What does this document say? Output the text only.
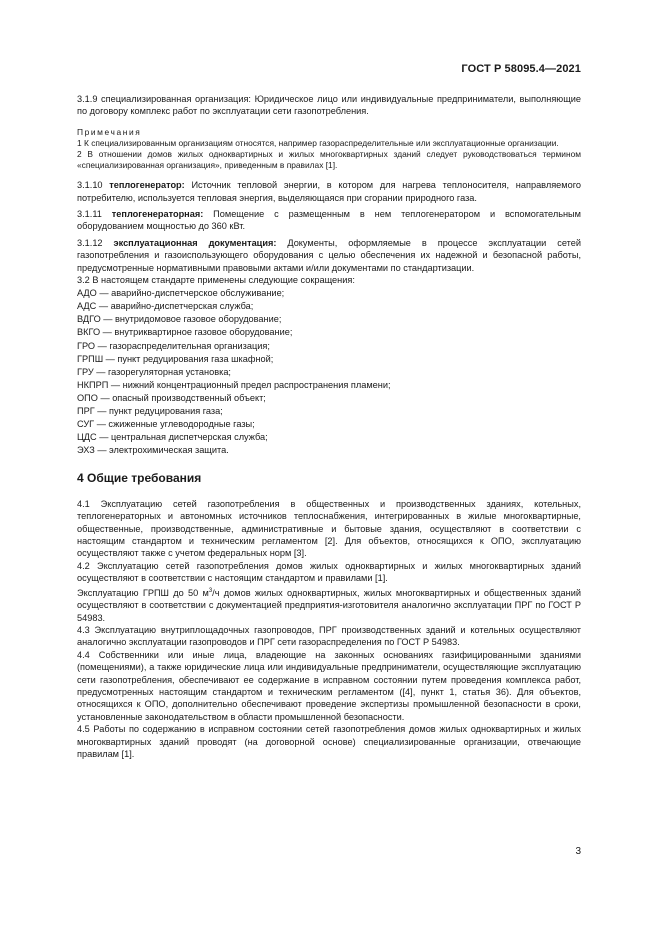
ГОСТ Р 58095.4—2021

3.1.9 специализированная организация: Юридическое лицо или индивидуальные предприниматели, выполняющие по договору комплекс работ по эксплуатации сети газопотребления.

Примечания

1 К специализированным организациям относятся, например газораспределительные или эксплуатационные организации.

2 В отношении домов жилых одноквартирных и жилых многоквартирных зданий следует руководствоваться термином «специализированная организация», приведенным в правилах [1].

3.1.10 теплогенератор: Источник тепловой энергии, в котором для нагрева теплоносителя, направляемого потребителю, используется тепловая энергия, выделяющаяся при сгорании природного газа.

3.1.11 теплогенераторная: Помещение с размещенным в нем теплогенератором и вспомогательным оборудованием мощностью до 360 кВт.

3.1.12 эксплуатационная документация: Документы, оформляемые в процессе эксплуатации сетей газопотребления и газоиспользующего оборудования с целью обеспечения их надежной и безопасной работы, предусмотренные нормативными правовыми актами и/или документами по стандартизации.

3.2 В настоящем стандарте применены следующие сокращения:
АДО — аварийно-диспетчерское обслуживание;
АДС — аварийно-диспетчерская служба;
ВДГО — внутридомовое газовое оборудование;
ВКГО — внутриквартирное газовое оборудование;
ГРО — газораспределительная организация;
ГРПШ — пункт редуцирования газа шкафной;
ГРУ — газорегуляторная установка;
НКПРП — нижний концентрационный предел распространения пламени;
ОПО — опасный производственный объект;
ПРГ — пункт редуцирования газа;
СУГ — сжиженные углеводородные газы;
ЦДС — центральная диспетчерская служба;
ЭХЗ — электрохимическая защита.
4 Общие требования

4.1 Эксплуатацию сетей газопотребления в общественных и производственных зданиях, котельных, теплогенераторных и автономных источников теплоснабжения, интегрированных в жилые многоквартирные, общественные, производственные, административные и бытовые здания, осуществляют в соответствии с настоящим стандартом и техническим регламентом [2]. Для объектов, относящихся к ОПО, эксплуатацию осуществляют также с учетом федеральных норм [3].

4.2 Эксплуатацию сетей газопотребления домов жилых одноквартирных и жилых многоквартирных зданий осуществляют в соответствии с настоящим стандартом и правилами [1].

Эксплуатацию ГРПШ до 50 $м^3/ч$ домов жилых одноквартирных, жилых многоквартирных и общественных зданий осуществляют в соответствии с документацией предприятия-изготовителя аналогично эксплуатации ПРГ по ГОСТ Р 54983.

4.3 Эксплуатацию внутриплощадочных газопроводов, ПРГ производственных зданий и котельных осуществляют аналогично эксплуатации газопроводов и ПРГ сети газораспределения по ГОСТ Р 54983.

4.4 Собственники или иные лица, владеющие на законных основаниях газифицированными зданиями (помещениями), а также юридические лица или индивидуальные предприниматели, осуществляющие эксплуатацию сети газопотребления, обеспечивают ее содержание в исправном состоянии путем проведения комплекса работ, предусмотренных настоящим стандартом и техническим регламентом ([4], пункт 1, статья 36). Для объектов, относящихся к ОПО, дополнительно обеспечивают проведение экспертизы промышленной безопасности в сроки, установленные законодательством в области промышленной безопасности.

4.5 Работы по содержанию в исправном состоянии сетей газопотребления домов жилых одноквартирных и жилых многоквартирных зданий проводят (на договорной основе) специализированные организации, отвечающие правилам [1].

3
